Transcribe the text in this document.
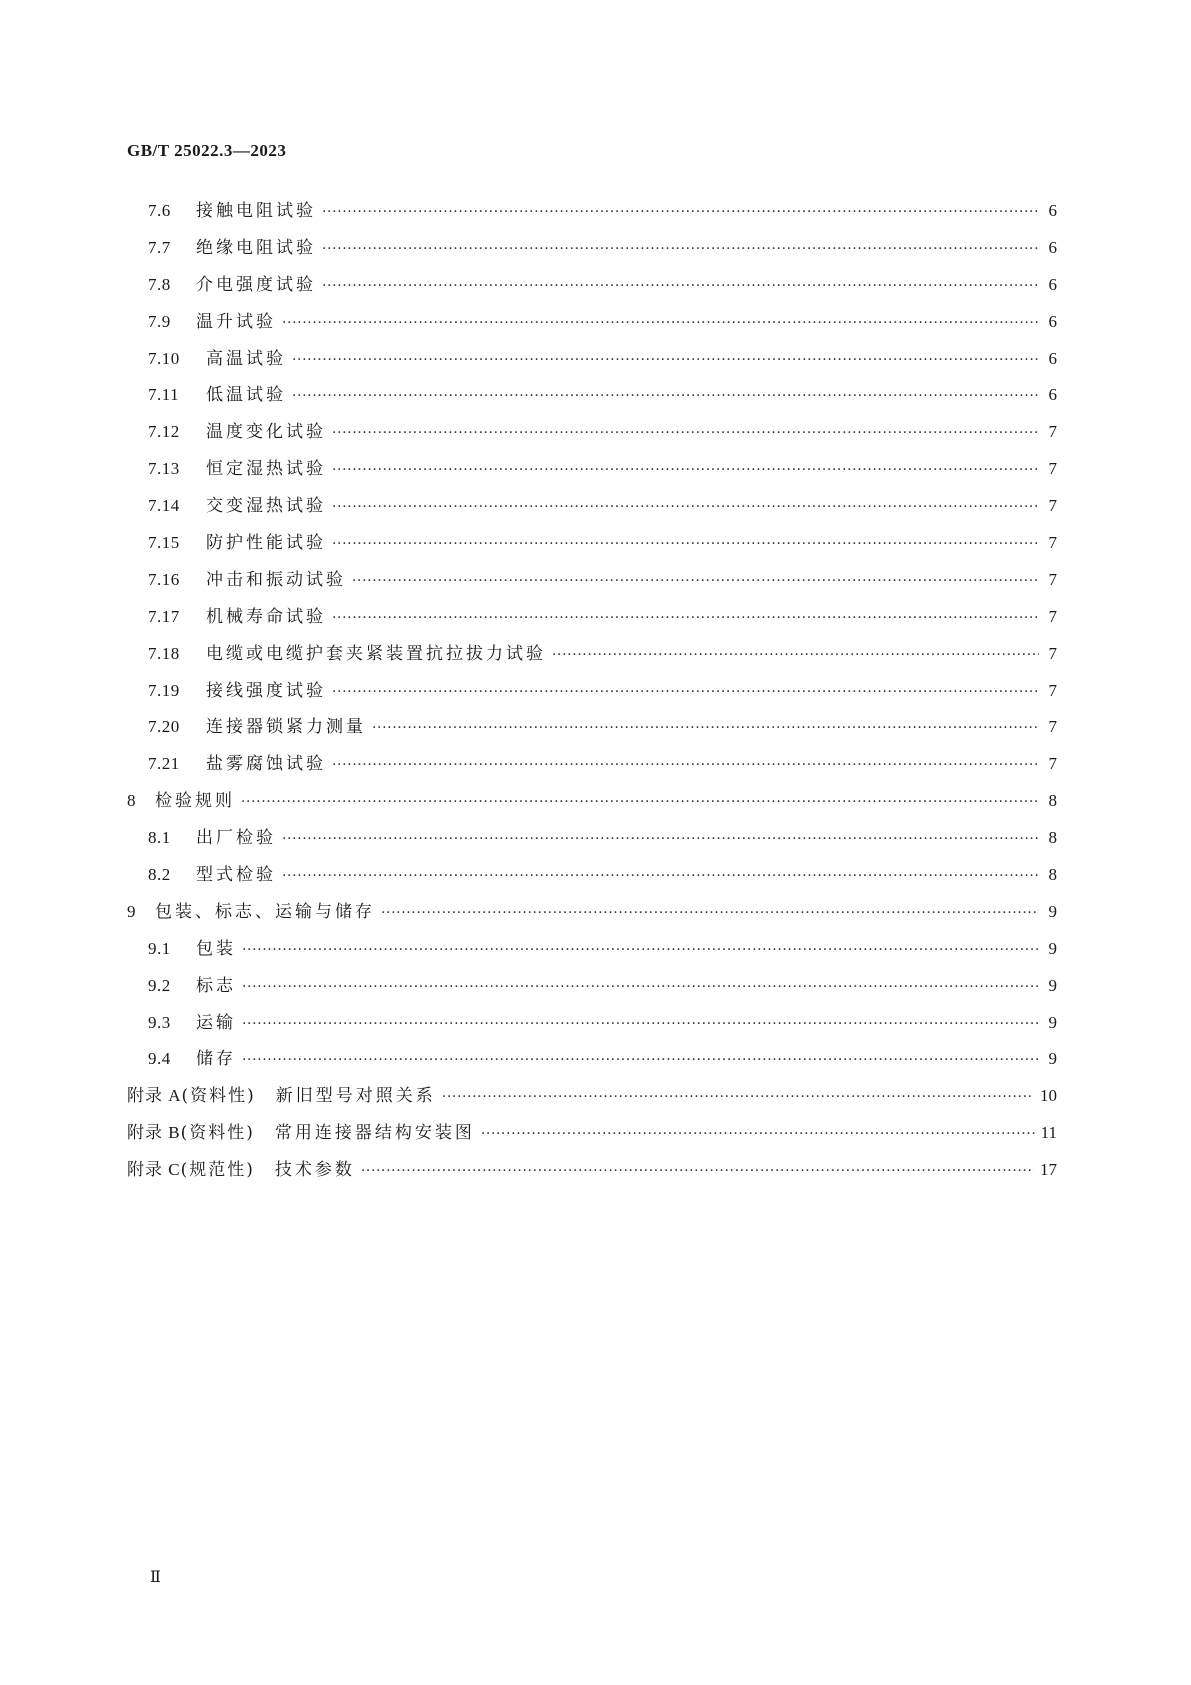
GB/T 25022.3—2023
7.6	接触电阻试验 ·····	6
7.7	绝缘电阻试验 ·····	6
7.8	介电强度试验 ·····	6
7.9	温升试验 ·····	6
7.10	高温试验 ·····	6
7.11	低温试验 ·····	6
7.12	温度变化试验 ·····	7
7.13	恒定湿热试验 ·····	7
7.14	交变湿热试验 ·····	7
7.15	防护性能试验 ·····	7
7.16	冲击和振动试验 ·····	7
7.17	机械寿命试验 ·····	7
7.18	电缆或电缆护套夹紧装置抗拉拔力试验 ·····	7
7.19	接线强度试验 ·····	7
7.20	连接器锁紧力测量 ·····	7
7.21	盐雾腐蚀试验 ·····	7
8	检验规则 ·····	8
8.1	出厂检验 ·····	8
8.2	型式检验 ·····	8
9	包装、标志、运输与储存 ·····	9
9.1	包装 ·····	9
9.2	标志 ·····	9
9.3	运输 ·····	9
9.4	储存 ·····	9
附录 A (资料性)	新旧型号对照关系 ·····	10
附录 B (资料性)	常用连接器结构安装图 ·····	11
附录 C (规范性)	技术参数 ·····	17
Ⅱ
